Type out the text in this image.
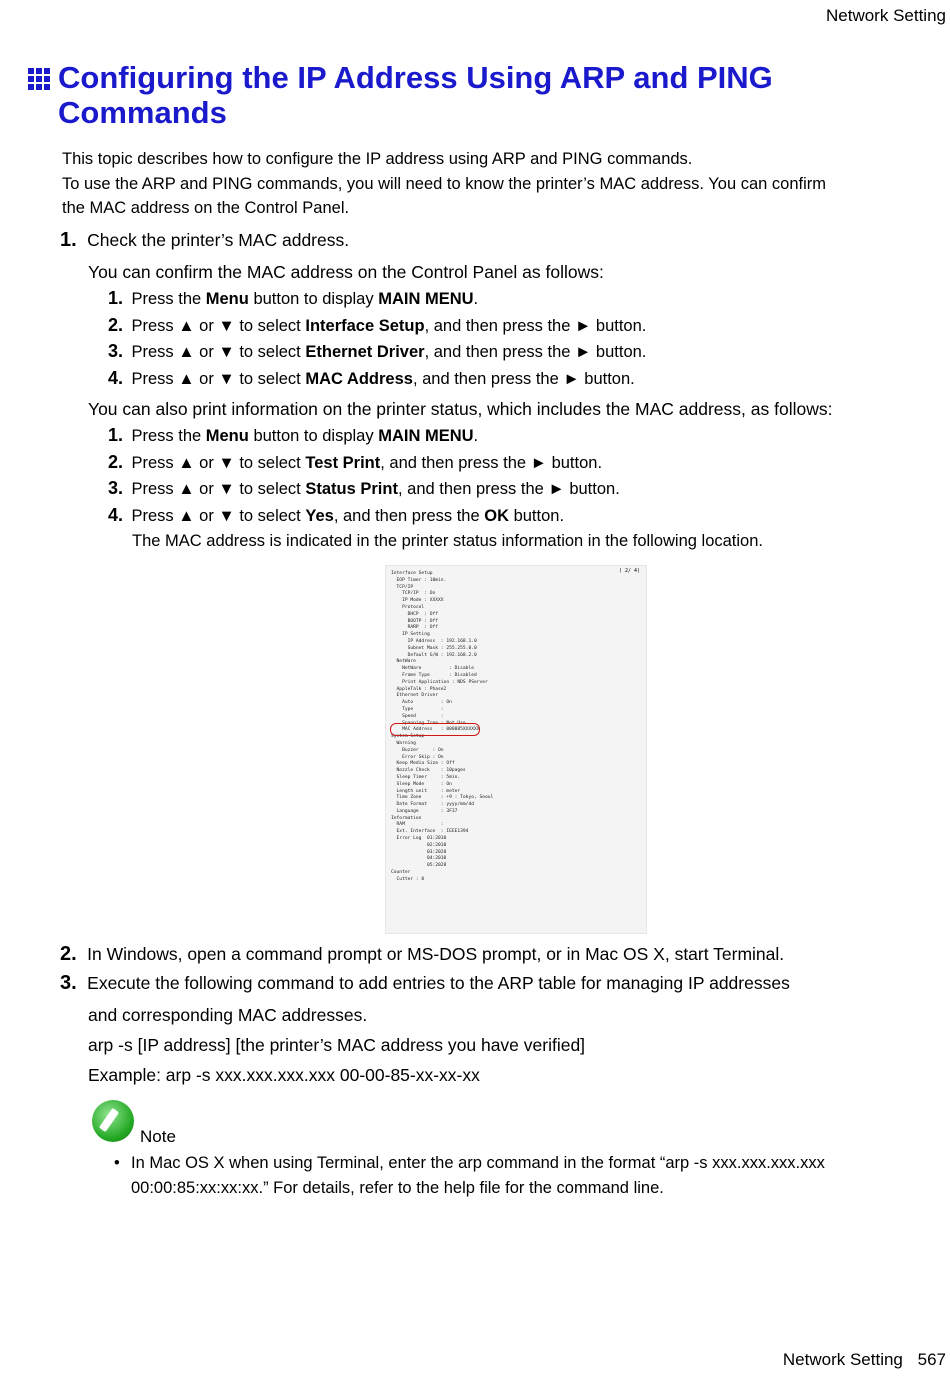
Network Setting
Configuring the IP Address Using ARP and PING Commands
This topic describes how to configure the IP address using ARP and PING commands.
To use the ARP and PING commands, you will need to know the printer’s MAC address. You can confirm
the MAC address on the Control Panel.
1. Check the printer’s MAC address.
You can confirm the MAC address on the Control Panel as follows:
1. Press the Menu button to display MAIN MENU.
2. Press ▲ or ▼ to select Interface Setup, and then press the ► button.
3. Press ▲ or ▼ to select Ethernet Driver, and then press the ► button.
4. Press ▲ or ▼ to select MAC Address, and then press the ► button.
You can also print information on the printer status, which includes the MAC address, as follows:
1. Press the Menu button to display MAIN MENU.
2. Press ▲ or ▼ to select Test Print, and then press the ► button.
3. Press ▲ or ▼ to select Status Print, and then press the ► button.
4. Press ▲ or ▼ to select Yes, and then press the OK button.
The MAC address is indicated in the printer status information in the following location.
( 2/ 4)
Interface Setup
EOP Timer : 10min.
TCP/IP
TCP/IP  : On
IP Mode : XXXXX
Protocol
DHCP  : Off
BOOTP : Off
RARP  : Off
IP Setting
IP Address  : 192.168.1.0
Subnet Mask : 255.255.0.0
Default G/W : 192.168.2.0
NetWare
NetWare          : Disable
Frame Type       : Disabled
Print Application : NDS PServer
AppleTalk : Phase2
Ethernet Driver
Auto          : On
Type          :
Speed         :
Spanning Tree : Not Use
MAC Address   : 000085XXXXXX
System Setup
Warning
Buzzer     : On
Error Skip : On
Keep Media Size : Off
Nozzle Check    : 10pages
Sleep Timer     : 5min.
Sleep Mode      : On
Length unit     : meter
Time Zone       : +9 : Tokyo, Seoul
Date Format     : yyyy/mm/dd
Language        : 3F37
Information
RAM             :
Ext. Interface  : IEEE1394
Error Log  01:2010
02:2010
03:2028
04:2010
05:2028
Counter
Cutter : 0
2. In Windows, open a command prompt or MS-DOS prompt, or in Mac OS X, start Terminal.
3. Execute the following command to add entries to the ARP table for managing IP addresses
and corresponding MAC addresses.
arp -s [IP address] [the printer’s MAC address you have verified]
Example: arp -s xxx.xxx.xxx.xxx 00-00-85-xx-xx-xx
Note
• In Mac OS X when using Terminal, enter the arp command in the format “arp -s xxx.xxx.xxx.xxx
00:00:85:xx:xx:xx.” For details, refer to the help file for the command line.
Network Setting 567
